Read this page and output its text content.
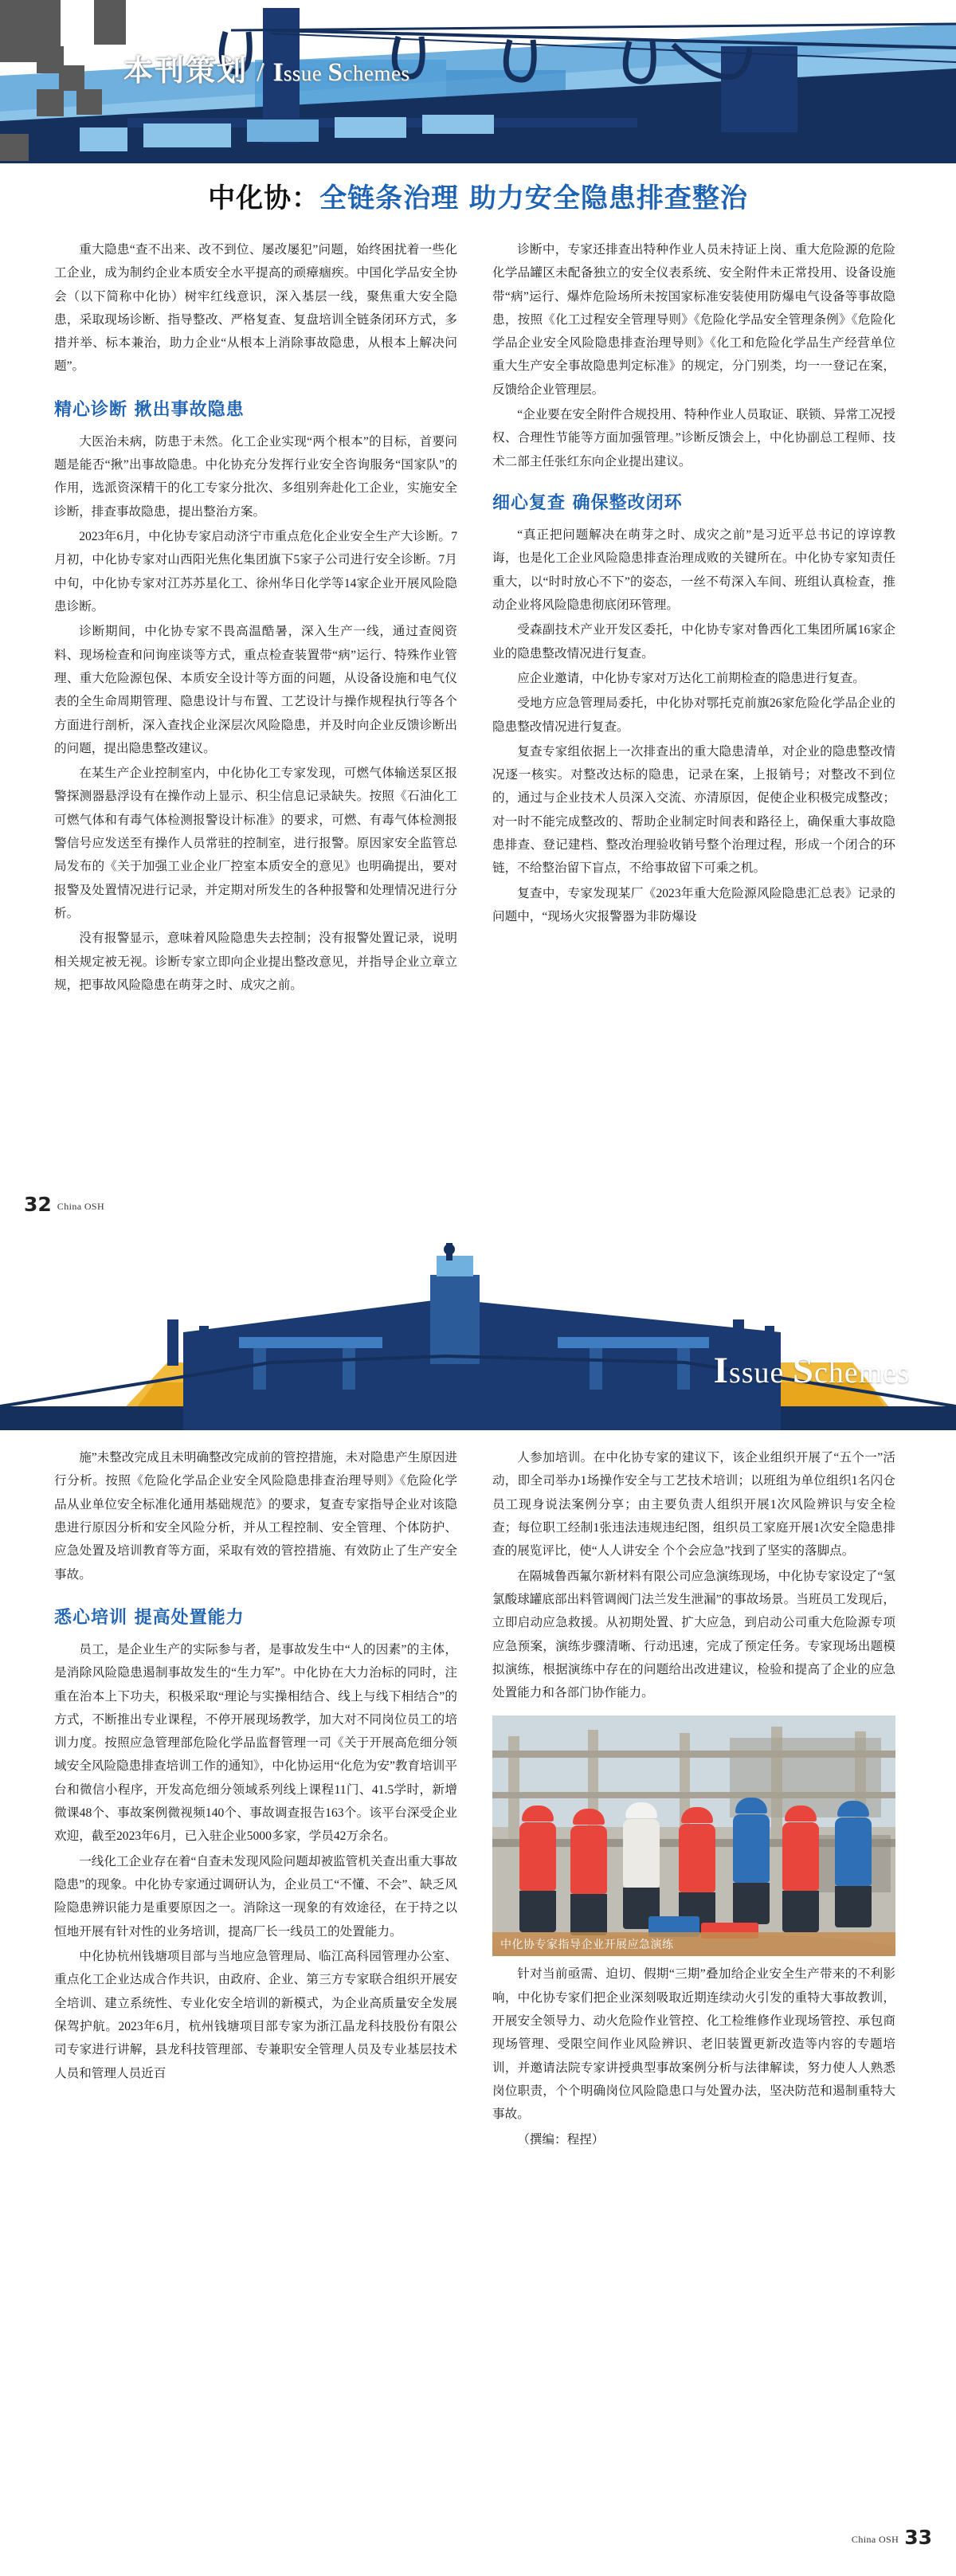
本刊策划 / Issue Schemes
中化协：全链条治理 助力安全隐患排查整治

重大隐患“查不出来、改不到位、屡改屡犯”问题，始终困扰着一些化工企业，成为制约企业本质安全水平提高的顽瘴痼疾。中国化学品安全协会（以下简称中化协）树牢红线意识，深入基层一线，聚焦重大安全隐患，采取现场诊断、指导整改、严格复查、复盘培训全链条闭环方式，多措并举、标本兼治，助力企业“从根本上消除事故隐患，从根本上解决问题”。

精心诊断 揪出事故隐患

大医治未病，防患于未然。化工企业实现“两个根本”的目标，首要问题是能否“揪”出事故隐患。中化协充分发挥行业安全咨询服务“国家队”的作用，选派资深精干的化工专家分批次、多组别奔赴化工企业，实施安全诊断，排查事故隐患，提出整治方案。

2023年6月，中化协专家启动济宁市重点危化企业安全生产大诊断。7月初，中化协专家对山西阳光焦化集团旗下5家子公司进行安全诊断。7月中旬，中化协专家对江苏苏星化工、徐州华日化学等14家企业开展风险隐患诊断。

诊断期间，中化协专家不畏高温酷暑，深入生产一线，通过查阅资料、现场检查和问询座谈等方式，重点检查装置带“病”运行、特殊作业管理、重大危险源包保、本质安全设计等方面的问题，从设备设施和电气仪表的全生命周期管理、隐患设计与布置、工艺设计与操作规程执行等各个方面进行剖析，深入查找企业深层次风险隐患，并及时向企业反馈诊断出的问题，提出隐患整改建议。

在某生产企业控制室内，中化协化工专家发现，可燃气体输送泵区报警探测器悬浮设有在操作动上显示、积尘信息记录缺失。按照《石油化工可燃气体和有毒气体检测报警设计标准》的要求，可燃、有毒气体检测报警信号应发送至有操作人员常驻的控制室，进行报警。原因家安全监管总局发布的《关于加强工业企业厂控室本质安全的意见》也明确提出，要对报警及处置情况进行记录，并定期对所发生的各种报警和处理情况进行分析。

没有报警显示，意味着风险隐患失去控制；没有报警处置记录，说明相关规定被无视。诊断专家立即向企业提出整改意见，并指导企业立章立规，把事故风险隐患在萌芽之时、成灾之前。

诊断中，专家还排查出特种作业人员未持证上岗、重大危险源的危险化学品罐区未配备独立的安全仪表系统、安全附件未正常投用、设备设施带“病”运行、爆炸危险场所未按国家标准安装使用防爆电气设备等事故隐患，按照《化工过程安全管理导则》《危险化学品安全管理条例》《危险化学品企业安全风险隐患排查治理导则》《化工和危险化学品生产经营单位重大生产安全事故隐患判定标准》的规定，分门别类，均一一登记在案，反馈给企业管理层。

“企业要在安全附件合规投用、特种作业人员取证、联锁、异常工况授权、合理性节能等方面加强管理。”诊断反馈会上，中化协副总工程师、技术二部主任张红东向企业提出建议。

细心复查 确保整改闭环

“真正把问题解决在萌芽之时、成灾之前”是习近平总书记的谆谆教诲，也是化工企业风险隐患排查治理成败的关键所在。中化协专家知责任重大，以“时时放心不下”的姿态，一丝不苟深入车间、班组认真检查，推动企业将风险隐患彻底闭环管理。

受森副技术产业开发区委托，中化协专家对鲁西化工集团所属16家企业的隐患整改情况进行复查。

应企业邀请，中化协专家对万达化工前期检查的隐患进行复查。

受地方应急管理局委托，中化协对鄂托克前旗26家危险化学品企业的隐患整改情况进行复查。

复查专家组依据上一次排查出的重大隐患清单，对企业的隐患整改情况逐一核实。对整改达标的隐患，记录在案，上报销号；对整改不到位的，通过与企业技术人员深入交流、亦清原因，促使企业积极完成整改；对一时不能完成整改的、帮助企业制定时间表和路径上，确保重大事故隐患排查、登记建档、整改治理验收销号整个治理过程，形成一个闭合的环链，不给整治留下盲点，不给事故留下可乘之机。

复查中，专家发现某厂《2023年重大危险源风险隐患汇总表》记录的问题中，“现场火灾报警器为非防爆设

32 China OSH
Issue Schemes

施”未整改完成且未明确整改完成前的管控措施，未对隐患产生原因进行分析。按照《危险化学品企业安全风险隐患排查治理导则》《危险化学品从业单位安全标准化通用基础规范》的要求，复查专家指导企业对该隐患进行原因分析和安全风险分析，并从工程控制、安全管理、个体防护、应急处置及培训教育等方面，采取有效的管控措施、有效防止了生产安全事故。

悉心培训 提高处置能力

员工，是企业生产的实际参与者，是事故发生中“人的因素”的主体，是消除风险隐患遏制事故发生的“生力军”。中化协在大力治标的同时，注重在治本上下功夫，积极采取“理论与实操相结合、线上与线下相结合”的方式，不断推出专业课程，不停开展现场教学，加大对不同岗位员工的培训力度。按照应急管理部危险化学品监督管理一司《关于开展高危细分领域安全风险隐患排查培训工作的通知》，中化协运用“化危为安”教育培训平台和微信小程序，开发高危细分领域系列线上课程11门、41.5学时，新增微课48个、事故案例微视频140个、事故调查报告163个。该平台深受企业欢迎，截至2023年6月，已入驻企业5000多家，学员42万余名。

一线化工企业存在着“自查未发现风险问题却被监管机关查出重大事故隐患”的现象。中化协专家通过调研认为，企业员工“不懂、不会”、缺乏风险隐患辨识能力是重要原因之一。消除这一现象的有效途径，在于持之以恒地开展有针对性的业务培训，提高厂长一线员工的处置能力。

中化协杭州钱塘项目部与当地应急管理局、临江高科园管理办公室、重点化工企业达成合作共识，由政府、企业、第三方专家联合组织开展安全培训、建立系统性、专业化安全培训的新模式，为企业高质量安全发展保驾护航。2023年6月，杭州钱塘项目部专家为浙江晶龙科技股份有限公司专家进行讲解，县龙科技管理部、专兼职安全管理人员及专业基层技术人员和管理人员近百

人参加培训。在中化协专家的建议下，该企业组织开展了“五个一”活动，即全司举办1场操作安全与工艺技术培训；以班组为单位组织1名闪仓员工现身说法案例分享；由主要负责人组织开展1次风险辨识与安全检查；每位职工经制1张违法违规违纪图，组织员工家庭开展1次安全隐患排查的展览评比，使“人人讲安全 个个会应急”找到了坚实的落脚点。

在隔城鲁西氟尔新材料有限公司应急演练现场，中化协专家设定了“氢氯酸球罐底部出料管调阀门法兰发生泄漏”的事故场景。当班员工发现后，立即启动应急救援。从初期处置、扩大应急，到启动公司重大危险源专项应急预案，演练步骤清晰、行动迅速，完成了预定任务。专家现场出题模拟演练，根据演练中存在的问题给出改进建议，检验和提高了企业的应急处置能力和各部门协作能力。

中化协专家指导企业开展应急演练

针对当前亟需、迫切、假期“三期”叠加给企业安全生产带来的不利影响，中化协专家们把企业深刻吸取近期连续动火引发的重特大事故教训，开展安全领导力、动火危险作业管控、化工检维修作业现场管控、承包商现场管理、受限空间作业风险辨识、老旧装置更新改造等内容的专题培训，并邀请法院专家讲授典型事故案例分析与法律解读，努力使人人熟悉岗位职责，个个明确岗位风险隐患口与处置办法，坚决防范和遏制重特大事故。

（撰编：程捏）

China OSH 33
